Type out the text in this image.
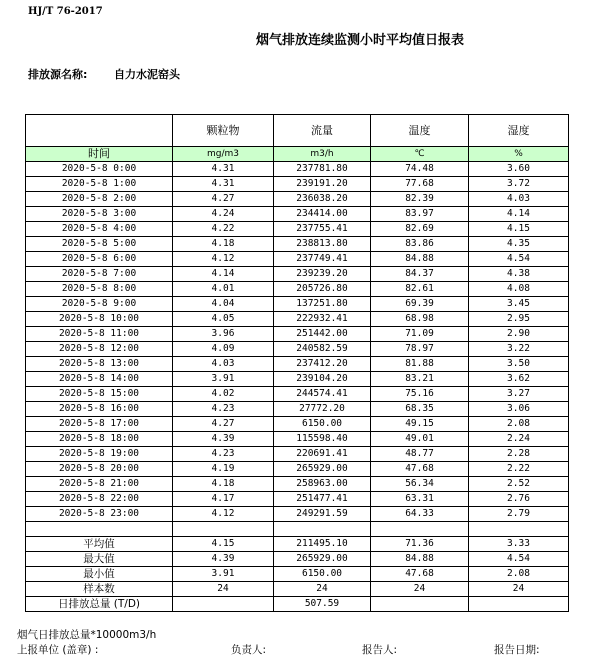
HJ/T 76-2017
烟气排放连续监测小时平均值日报表
排放源名称: 自力水泥窑头
	颗粒物	流量	温度	湿度
时间	mg/m3	m3/h	℃	%
2020-5-8 0:00	4.31	237781.80	74.48	3.60
2020-5-8 1:00	4.31	239191.20	77.68	3.72
2020-5-8 2:00	4.27	236038.20	82.39	4.03
2020-5-8 3:00	4.24	234414.00	83.97	4.14
2020-5-8 4:00	4.22	237755.41	82.69	4.15
2020-5-8 5:00	4.18	238813.80	83.86	4.35
2020-5-8 6:00	4.12	237749.41	84.88	4.54
2020-5-8 7:00	4.14	239239.20	84.37	4.38
2020-5-8 8:00	4.01	205726.80	82.61	4.08
2020-5-8 9:00	4.04	137251.80	69.39	3.45
2020-5-8 10:00	4.05	222932.41	68.98	2.95
2020-5-8 11:00	3.96	251442.00	71.09	2.90
2020-5-8 12:00	4.09	240582.59	78.97	3.22
2020-5-8 13:00	4.03	237412.20	81.88	3.50
2020-5-8 14:00	3.91	239104.20	83.21	3.62
2020-5-8 15:00	4.02	244574.41	75.16	3.27
2020-5-8 16:00	4.23	27772.20	68.35	3.06
2020-5-8 17:00	4.27	6150.00	49.15	2.08
2020-5-8 18:00	4.39	115598.40	49.01	2.24
2020-5-8 19:00	4.23	220691.41	48.77	2.28
2020-5-8 20:00	4.19	265929.00	47.68	2.22
2020-5-8 21:00	4.18	258963.00	56.34	2.52
2020-5-8 22:00	4.17	251477.41	63.31	2.76
2020-5-8 23:00	4.12	249291.59	64.33	2.79

平均值	4.15	211495.10	71.36	3.33
最大值	4.39	265929.00	84.88	4.54
最小值	3.91	6150.00	47.68	2.08
样本数	24	24	24	24
日排放总量 (T/D)		507.59		
烟气日排放总量*10000m3/h
上报单位 (盖章) :	负责人:	报告人:	报告日期:
